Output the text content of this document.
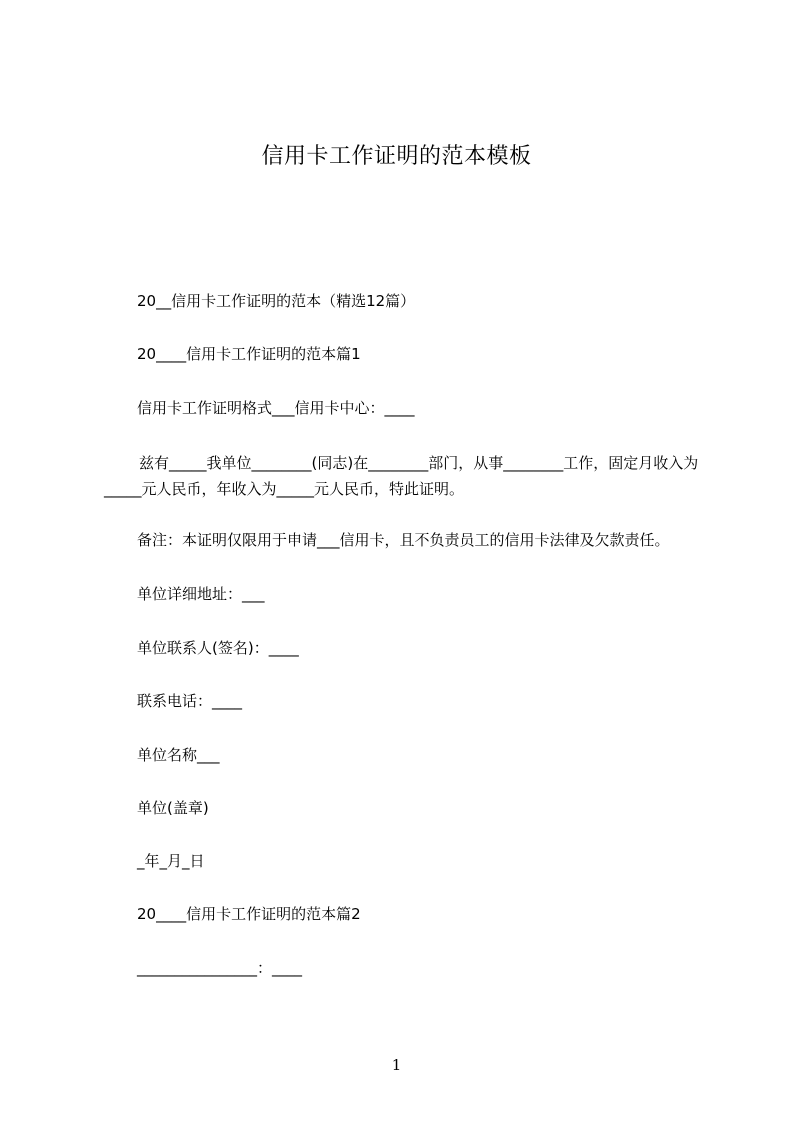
信用卡工作证明的范本模板
20__信用卡工作证明的范本（精选12篇）
20____信用卡工作证明的范本篇1
信用卡工作证明格式___信用卡中心：____
兹有_____我单位________(同志)在________部门，从事________工作，固定月收入为_____元人民币，年收入为_____元人民币，特此证明。
备注：本证明仅限用于申请___信用卡，且不负责员工的信用卡法律及欠款责任。
单位详细地址：___
单位联系人(签名)：____
联系电话：____
单位名称___
单位(盖章)
_年_月_日
20____信用卡工作证明的范本篇2
________________：____
1
